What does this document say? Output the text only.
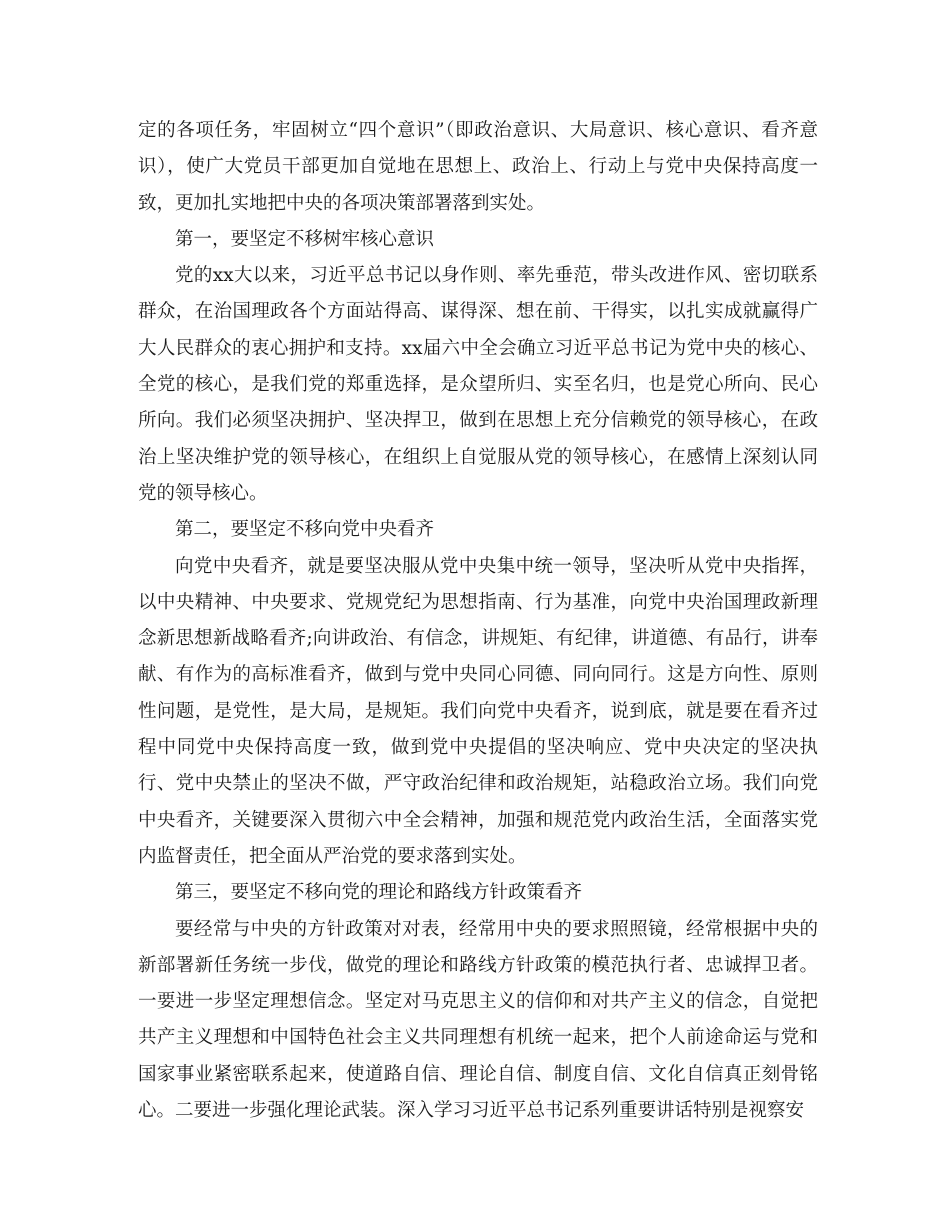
定的各项任务，牢固树立“四个意识”（即政治意识、大局意识、核心意识、看齐意识），使广大党员干部更加自觉地在思想上、政治上、行动上与党中央保持高度一致，更加扎实地把中央的各项决策部署落到实处。

第一，要坚定不移树牢核心意识

党的xx大以来，习近平总书记以身作则、率先垂范，带头改进作风、密切联系群众，在治国理政各个方面站得高、谋得深、想在前、干得实，以扎实成就赢得广大人民群众的衷心拥护和支持。xx届六中全会确立习近平总书记为党中央的核心、全党的核心，是我们党的郑重选择，是众望所归、实至名归，也是党心所向、民心所向。我们必须坚决拥护、坚决捍卫，做到在思想上充分信赖党的领导核心，在政治上坚决维护党的领导核心，在组织上自觉服从党的领导核心，在感情上深刻认同党的领导核心。

第二，要坚定不移向党中央看齐

向党中央看齐，就是要坚决服从党中央集中统一领导，坚决听从党中央指挥，以中央精神、中央要求、党规党纪为思想指南、行为基准，向党中央治国理政新理念新思想新战略看齐;向讲政治、有信念，讲规矩、有纪律，讲道德、有品行，讲奉献、有作为的高标准看齐，做到与党中央同心同德、同向同行。这是方向性、原则性问题，是党性，是大局，是规矩。我们向党中央看齐，说到底，就是要在看齐过程中同党中央保持高度一致，做到党中央提倡的坚决响应、党中央决定的坚决执行、党中央禁止的坚决不做，严守政治纪律和政治规矩，站稳政治立场。我们向党中央看齐，关键要深入贯彻六中全会精神，加强和规范党内政治生活，全面落实党内监督责任，把全面从严治党的要求落到实处。

第三，要坚定不移向党的理论和路线方针政策看齐

要经常与中央的方针政策对对表，经常用中央的要求照照镜，经常根据中央的新部署新任务统一步伐，做党的理论和路线方针政策的模范执行者、忠诚捍卫者。一要进一步坚定理想信念。坚定对马克思主义的信仰和对共产主义的信念，自觉把共产主义理想和中国特色社会主义共同理想有机统一起来，把个人前途命运与党和国家事业紧密联系起来，使道路自信、理论自信、制度自信、文化自信真正刻骨铭心。二要进一步强化理论武装。深入学习习近平总书记系列重要讲话特别是视察安
